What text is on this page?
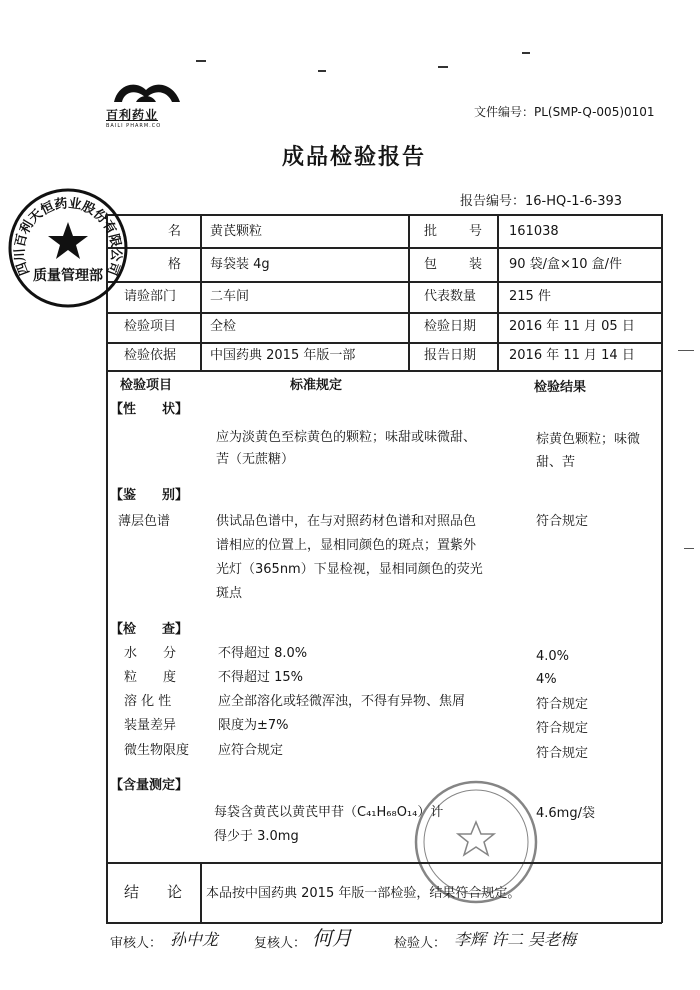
百利药业
BAILI PHARM.CO
文件编号：PL(SMP-Q-005)0101
成品检验报告
报告编号：16-HQ-1-6-393
名 黄芪颗粒	批 号 161038
格 每袋装 4g	包 装 90 袋/盒×10 盒/件
请验部门	二车间	代表数量	215 件
检验项目	全检	检验日期	2016 年 11 月 05 日
检验依据	中国药典 2015 年版一部	报告日期	2016 年 11 月 14 日
检验项目	标准规定	检验结果
【性　　状】
应为淡黄色至棕黄色的颗粒；味甜或味微甜、
苦（无蔗糖）
棕黄色颗粒；味微
甜、苦
【鉴　　别】
薄层色谱	供试品色谱中，在与对照药材色谱和对照品色
谱相应的位置上，显相同颜色的斑点；置紫外
光灯（365nm）下显检视，显相同颜色的荧光
斑点
符合规定
【检　　查】
水 分	不得超过 8.0%	4.0%
粒 度	不得超过 15%	4%
溶 化 性	应全部溶化或轻微浑浊，不得有异物、焦屑	符合规定
装量差异	限度为±7%	符合规定
微生物限度 应符合规定	符合规定
【含量测定】
每袋含黄芪以黄芪甲苷（C₄₁H₆₈O₁₄）计
得少于 3.0mg
4.6mg/袋
结 论 本品按中国药典 2015 年版一部检验，结果符合规定。
审核人： 孙中龙	复核人： 何月	检验人： 李辉 许二 吴老梅
四川百利天恒药业股份有限公司
质量管理部
